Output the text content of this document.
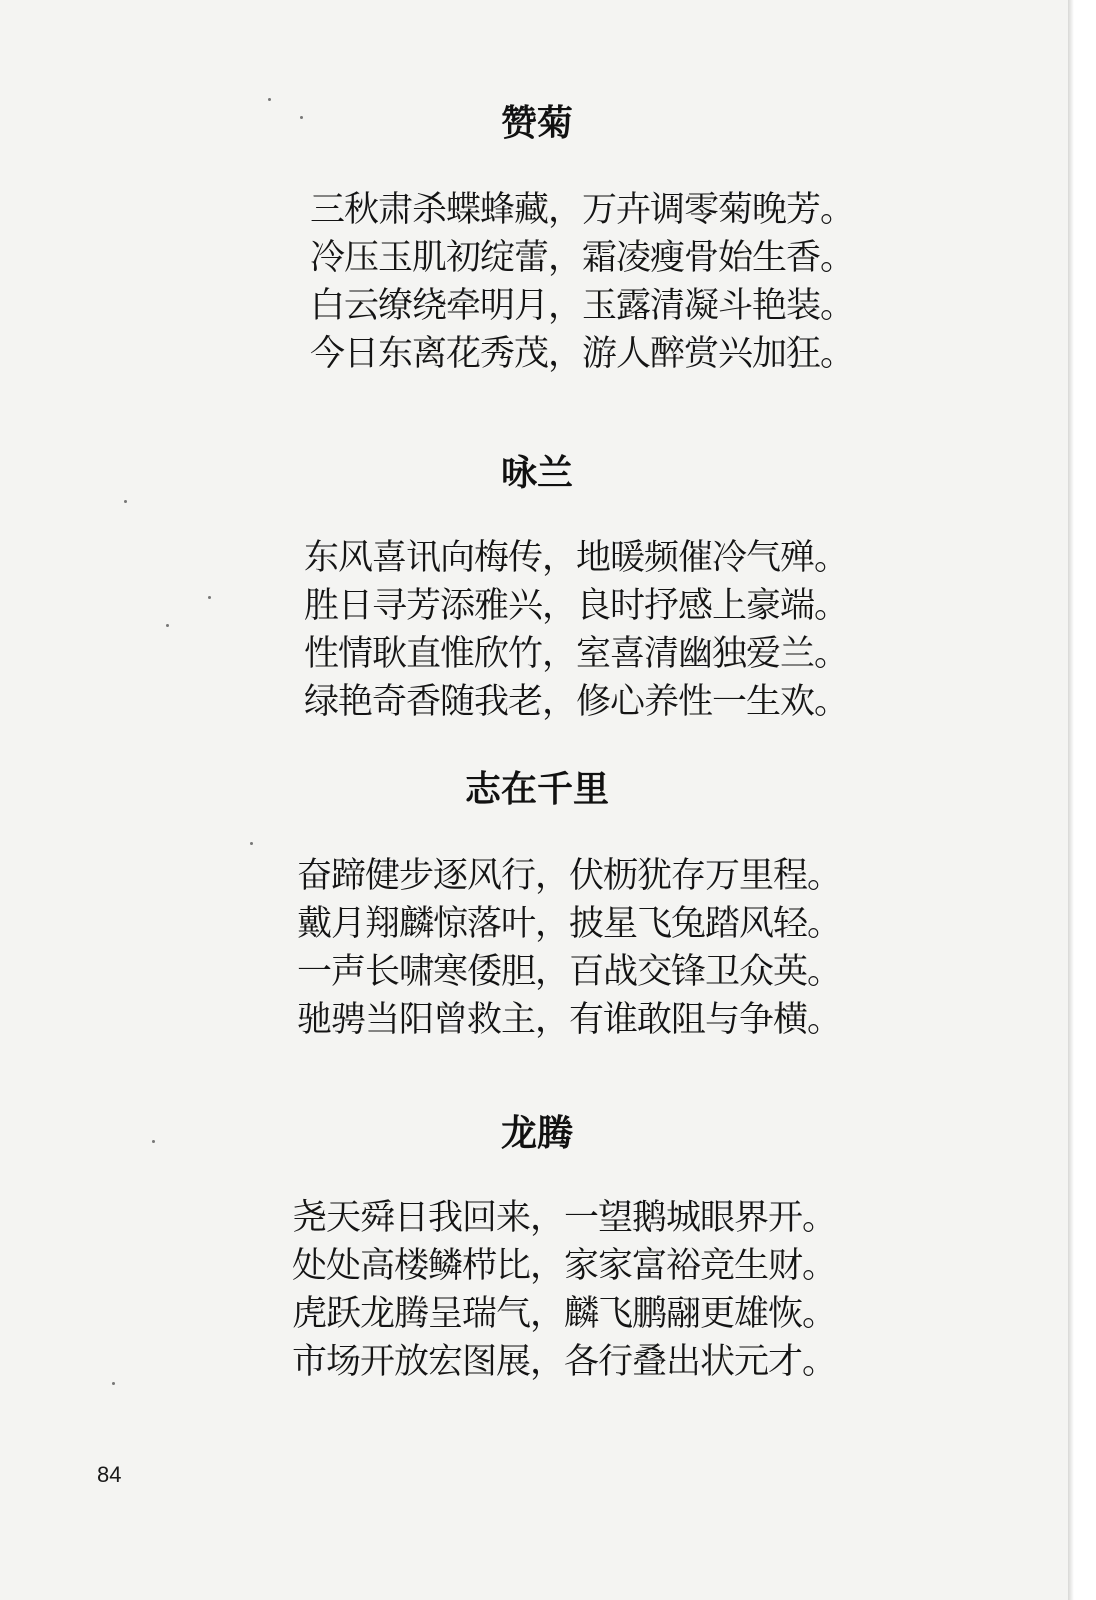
赞菊
三秋肃杀蝶蜂藏，万卉调零菊晚芳。
冷压玉肌初绽蕾，霜凌瘦骨始生香。
白云缭绕牵明月，玉露清凝斗艳装。
今日东离花秀茂，游人醉赏兴加狂。
咏兰
东风喜讯向梅传，地暖频催冷气殚。
胜日寻芳添雅兴，良时抒感上豪端。
性情耿直惟欣竹，室喜清幽独爱兰。
绿艳奇香随我老，修心养性一生欢。
志在千里
奋蹄健步逐风行，伏枥犹存万里程。
戴月翔麟惊落叶，披星飞兔踏风轻。
一声长啸寒倭胆，百战交锋卫众英。
驰骋当阳曾救主，有谁敢阻与争横。
龙腾
尧天舜日我回来，一望鹅城眼界开。
处处高楼鳞栉比，家家富裕竞生财。
虎跃龙腾呈瑞气，麟飞鹏翮更雄恢。
市场开放宏图展，各行叠出状元才。

84
